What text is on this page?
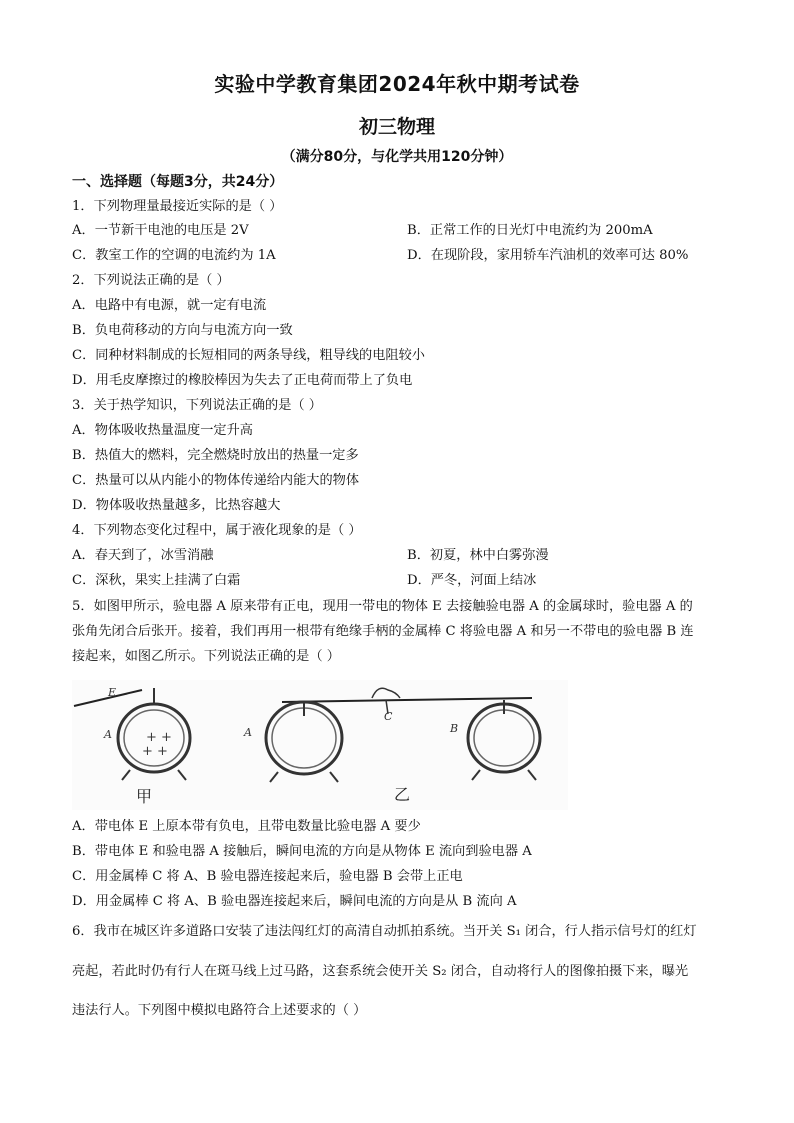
实验中学教育集团2024年秋中期考试卷
初三物理
（满分80分，与化学共用120分钟）
一、选择题（每题3分，共24分）
1．下列物理量最接近实际的是（ ）
A．一节新干电池的电压是 2V	B．正常工作的日光灯中电流约为 200mA
C．教室工作的空调的电流约为 1A	D．在现阶段，家用轿车汽油机的效率可达 80%
2．下列说法正确的是（ ）
A．电路中有电源，就一定有电流
B．负电荷移动的方向与电流方向一致
C．同种材料制成的长短相同的两条导线，粗导线的电阻较小
D．用毛皮摩擦过的橡胶棒因为失去了正电荷而带上了负电
3．关于热学知识，下列说法正确的是（ ）
A．物体吸收热量温度一定升高
B．热值大的燃料，完全燃烧时放出的热量一定多
C．热量可以从内能小的物体传递给内能大的物体
D．物体吸收热量越多，比热容越大
4．下列物态变化过程中，属于液化现象的是（ ）
A．春天到了，冰雪消融	B．初夏，林中白雾弥漫
C．深秋，果实上挂满了白霜	D．严冬，河面上结冰
5．如图甲所示，验电器 A 原来带有正电，现用一带电的物体 E 去接触验电器 A 的金属球时，验电器 A 的
张角先闭合后张开。接着，我们再用一根带有绝缘手柄的金属棒 C 将验电器 A 和另一不带电的验电器 B 连
接起来，如图乙所示。下列说法正确的是（ ）
E
A	+ +
+ +
A
C
B
甲	乙
A．带电体 E 上原本带有负电，且带电数量比验电器 A 要少
B．带电体 E 和验电器 A 接触后，瞬间电流的方向是从物体 E 流向到验电器 A
C．用金属棒 C 将 A、B 验电器连接起来后，验电器 B 会带上正电
D．用金属棒 C 将 A、B 验电器连接起来后，瞬间电流的方向是从 B 流向 A
6．我市在城区许多道路口安装了违法闯红灯的高清自动抓拍系统。当开关 S₁ 闭合，行人指示信号灯的红灯
亮起，若此时仍有行人在斑马线上过马路，这套系统会使开关 S₂ 闭合，自动将行人的图像拍摄下来，曝光
违法行人。下列图中模拟电路符合上述要求的（ ）
